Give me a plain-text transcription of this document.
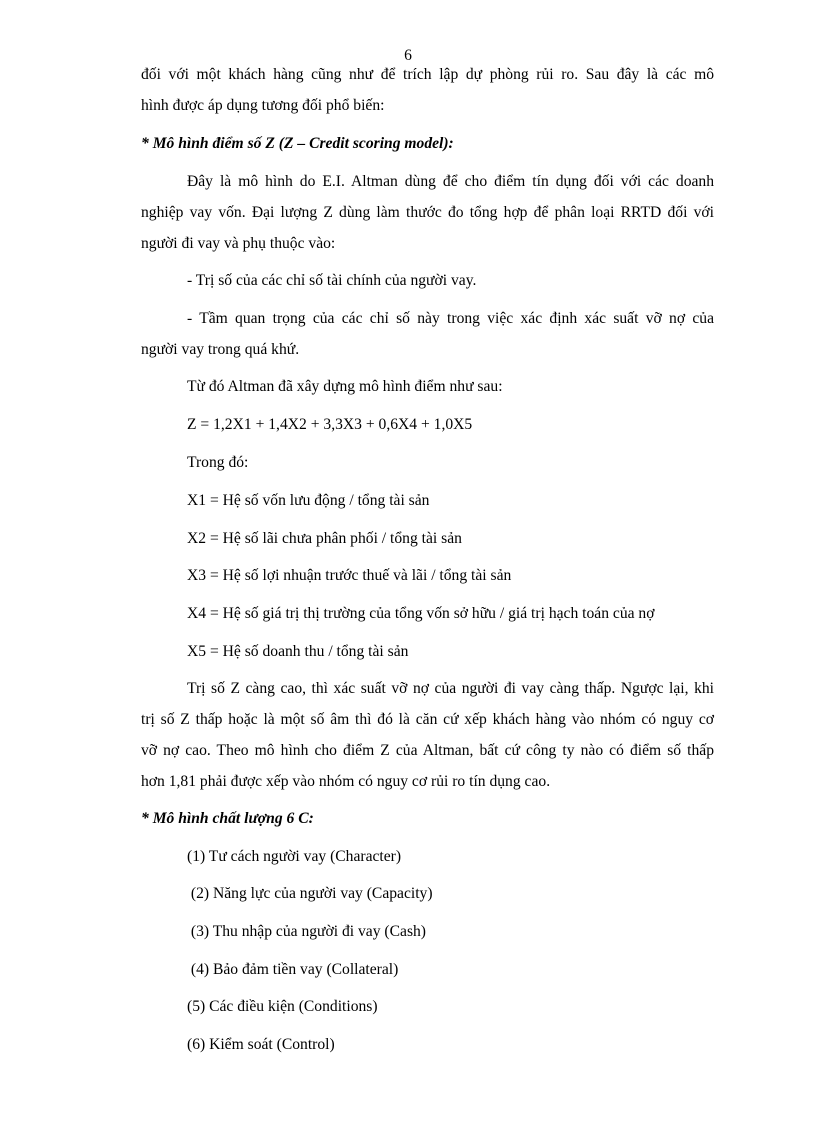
6
đối với một khách hàng cũng như để trích lập dự phòng rủi ro. Sau đây là các mô
hình được áp dụng tương đối phổ biến:
* Mô hình điểm số Z (Z – Credit scoring model):
Đây là mô hình do E.I. Altman dùng để cho điểm tín dụng đối với các doanh
nghiệp vay vốn. Đại lượng Z dùng làm thước đo tổng hợp để phân loại RRTD đối với
người đi vay và phụ thuộc vào:
- Trị số của các chỉ số tài chính của người vay.
- Tầm quan trọng của các chỉ số này trong việc xác định xác suất vỡ nợ của
người vay trong quá khứ.
Từ đó Altman đã xây dựng mô hình điểm như sau:
Z = 1,2X1 + 1,4X2 + 3,3X3 + 0,6X4 + 1,0X5
Trong đó:
X1 = Hệ số vốn lưu động / tổng tài sản
X2 = Hệ số lãi chưa phân phối / tổng tài sản
X3 = Hệ số lợi nhuận trước thuế và lãi / tổng tài sản
X4 = Hệ số giá trị thị trường của tổng vốn sở hữu / giá trị hạch toán của nợ
X5 = Hệ số doanh thu / tổng tài sản
Trị số Z càng cao, thì xác suất vỡ nợ của người đi vay càng thấp. Ngược lại, khi
trị số Z thấp hoặc là một số âm thì đó là căn cứ xếp khách hàng vào nhóm có nguy cơ
vỡ nợ cao. Theo mô hình cho điểm Z của Altman, bất cứ công ty nào có điểm số thấp
hơn 1,81 phải được xếp vào nhóm có nguy cơ rủi ro tín dụng cao.
* Mô hình chất lượng 6 C:
(1) Tư cách người vay (Character)
(2) Năng lực của người vay (Capacity)
(3) Thu nhập của người đi vay (Cash)
(4) Bảo đảm tiền vay (Collateral)
(5) Các điều kiện (Conditions)
(6) Kiểm soát (Control)
